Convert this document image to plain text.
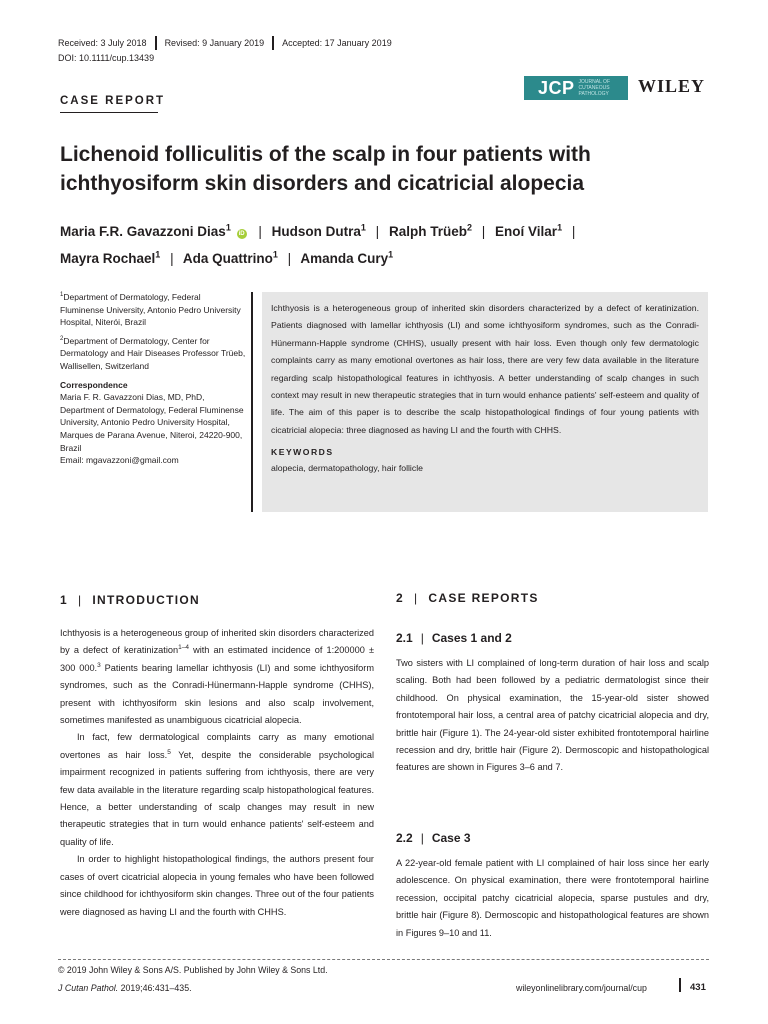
Received: 3 July 2018 Revised: 9 January 2019 Accepted: 17 January 2019
DOI: 10.1111/cup.13439
JCP JOURNAL OF CUTANEOUS PATHOLOGY	WILEY
CASE REPORT
Lichenoid folliculitis of the scalp in four patients with ichthyosiform skin disorders and cicatricial alopecia
Maria F.R. Gavazzoni Dias$^1$ iD | Hudson Dutra$^1$ | Ralph Trüeb$^2$ | Enoí Vilar$^1$ |
Mayra Rochael$^1$ | Ada Quattrino$^1$ | Amanda Cury$^1$

$^1$Department of Dermatology, Federal Fluminense University, Antonio Pedro University Hospital, Niterói, Brazil

$^2$Department of Dermatology, Center for Dermatology and Hair Diseases Professor Trüeb, Wallisellen, Switzerland

Correspondence

Maria F. R. Gavazzoni Dias, MD, PhD, Department of Dermatology, Federal Fluminense University, Antonio Pedro University Hospital, Marques de Parana Avenue, Niteroi, 24220-900, Brazil

Email: mgavazzoni@gmail.com

Ichthyosis is a heterogeneous group of inherited skin disorders characterized by a defect of keratinization. Patients diagnosed with lamellar ichthyosis (LI) and some ichthyosiform syndromes, such as the Conradi-Hünermann-Happle syndrome (CHHS), usually present with hair loss. Even though only few dermatologic complaints carry as many emotional overtones as hair loss, there are very few data available in the literature regarding scalp histopathological features in ichthyosis. A better understanding of scalp changes in such context may result in new therapeutic strategies that in turn would enhance patients' self-esteem and quality of life. The aim of this paper is to describe the scalp histopathological findings of four young patients with cicatricial alopecia: three diagnosed as having LI and the fourth with CHHS.

KEYWORDS

alopecia, dermatopathology, hair follicle

1 | INTRODUCTION

Ichthyosis is a heterogeneous group of inherited skin disorders characterized by a defect of keratinization$^{1-4}$ with an estimated incidence of 1:200000 ± 300 000.$^3$ Patients bearing lamellar ichthyosis (LI) and some ichthyosiform syndromes, such as the Conradi-Hünermann-Happle syndrome (CHHS), present with ichthyosiform skin lesions and also scalp involvement, sometimes manifested as unambiguous cicatricial alopecia.

In fact, few dermatological complaints carry as many emotional overtones as hair loss.$^5$ Yet, despite the considerable psychological impairment recognized in patients suffering from ichthyosis, there are very few data available in the literature regarding scalp histopathological features. Hence, a better understanding of scalp changes may result in new therapeutic strategies that in turn would enhance patients' self-esteem and quality of life.

In order to highlight histopathological findings, the authors present four cases of overt cicatricial alopecia in young females who have been followed since childhood for ichthyosiform skin changes. Three out of the four patients were diagnosed as having LI and the fourth with CHHS.

2 | CASE REPORTS
2.1 | Cases 1 and 2

Two sisters with LI complained of long-term duration of hair loss and scalp scaling. Both had been followed by a pediatric dermatologist since their childhood. On physical examination, the 15-year-old sister showed frontotemporal hair loss, a central area of patchy cicatricial alopecia and dry, brittle hair (Figure 1). The 24-year-old sister exhibited frontotemporal hairline recession and dry, brittle hair (Figure 2). Dermoscopic and histopathological features are shown in Figures 3–6 and 7.

2.2 | Case 3

A 22-year-old female patient with LI complained of hair loss since her early adolescence. On physical examination, there were frontotemporal hairline recession, occipital patchy cicatricial alopecia, sparse pustules and dry, brittle hair (Figure 8). Dermoscopic and histopathological features are shown in Figures 9–10 and 11.

© 2019 John Wiley & Sons A/S. Published by John Wiley & Sons Ltd.
J Cutan Pathol. 2019;46:431–435.	wileyonlinelibrary.com/journal/cup	431
